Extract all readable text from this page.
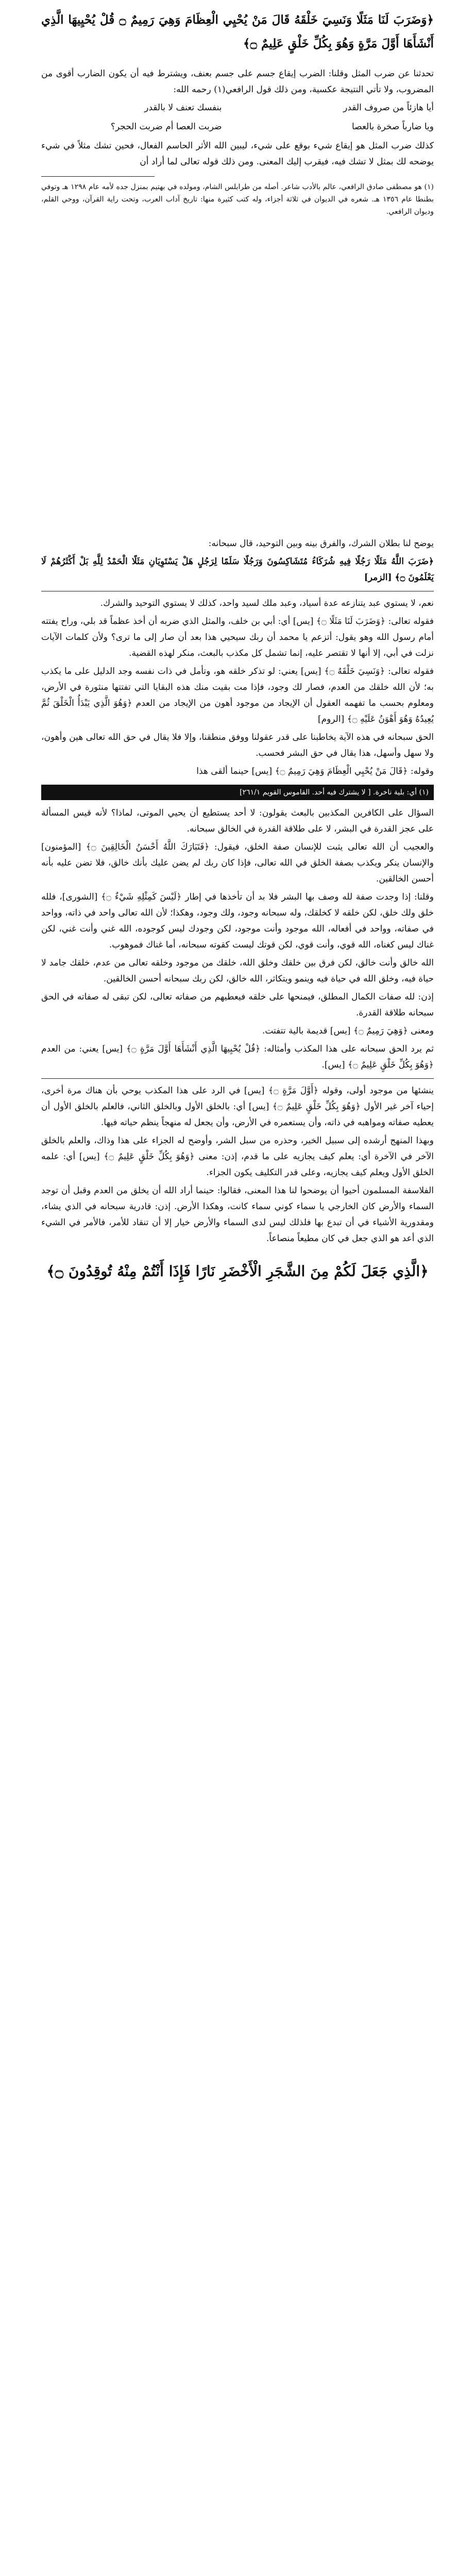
﴿وَضَرَبَ لَنَا مَثَلًا وَنَسِيَ خَلْقَهُ قَالَ مَنْ يُحْيِي الْعِظَامَ وَهِيَ رَمِيمٌ ۝ قُلْ يُحْيِيهَا الَّذِي أَنْشَأَهَا أَوَّلَ مَرَّةٍ وَهُوَ بِكُلِّ خَلْقٍ عَلِيمٌ ۝﴾

تحدثنا عن ضرب المثل وقلنا: الضرب إيقاع جسم على جسم بعنف، ويشترط فيه أن يكون الضارب أقوى من المضروب، ولا تأتي النتيجة عكسية، ومن ذلك قول الرافعي(١) رحمه الله:

أيا هازئاً من صروف القدر
بنفسك تعنف لا بالقدر
ويا ضارباً صخرة بالعصا
ضربت العصا أم ضربت الحجر؟

كذلك ضرب المثل هو إيقاع شيء بوقع على شيء، ليبين الله الأثر الحاسم الفعال، فحين تشك مثلاً في شيء يوضحه لك بمثل لا تشك فيه، فيقرب إليك المعنى. ومن ذلك قوله تعالى لما أراد أن

(١) هو مصطفى صادق الرافعي، عالم بالأدب شاعر. أصله من طرابلس الشام، ومولده في بهتيم بمنزل جده لأمه عام ١٢٩٨ هـ وتوفي بطنطا عام ١٣٥٦ هـ. شعره في الديوان في ثلاثة أجزاء، وله كتب كثيرة منها: تاريخ آداب العرب، وتحت راية القرآن، ووحي القلم، وديوان الرافعي.

يوضح لنا بطلان الشرك، والفرق بينه وبين التوحيد، قال سبحانه:

﴿ضَرَبَ اللَّهُ مَثَلًا رَجُلًا فِيهِ شُرَكَاءُ مُتَشَاكِسُونَ وَرَجُلًا سَلَمًا لِرَجُلٍ هَلْ يَسْتَوِيَانِ مَثَلًا الْحَمْدُ لِلَّهِ بَلْ أَكْثَرُهُمْ لَا يَعْلَمُونَ ۝﴾ [الزمر]

نعم، لا يستوي عبد يتنازعه عدة أسياد، وعبد ملك لسيد واحد، كذلك لا يستوي التوحيد والشرك.

فقوله تعالى: ﴿وَضَرَبَ لَنَا مَثَلًا ۝﴾ [يس] أي: أبي بن خلف، والمثل الذي ضربه أن أخذ عظماً قد بلي، وراح يفتته أمام رسول الله وهو يقول: أتزعم يا محمد أن ربك سيحيي هذا بعد أن صار إلى ما ترى؟ ولأن كلمات الآيات نزلت في أبي، إلا أنها لا تقتصر عليه، إنما تشمل كل مكذب بالبعث، منكر لهذه القضية.

فقوله تعالى: ﴿وَنَسِيَ خَلْقَهُ ۝﴾ [يس] يعني: لو تذكر خلقه هو، وتأمل في ذات نفسه وجد الدليل على ما يكذب به؛ لأن الله خلقك من العدم، فصار لك وجود، فإذا مت بقيت منك هذه البقايا التي تفتتها منثورة في الأرض، ومعلوم بحسب ما تفهمه العقول أن الإيجاد من موجود أهون من الإيجاد من العدم ﴿وَهُوَ الَّذِي يَبْدَأُ الْخَلْقَ ثُمَّ يُعِيدُهُ وَهُوَ أَهْوَنُ عَلَيْهِ ۝﴾ [الروم]

الحق سبحانه في هذه الآية يخاطبنا على قدر عقولنا ووفق منطقنا، وإلا فلا يقال في حق الله تعالى هين وأهون، ولا سهل وأسهل، هذا يقال في حق البشر فحسب.

وقوله: ﴿قَالَ مَنْ يُحْيِي الْعِظَامَ وَهِيَ رَمِيمٌ ۝﴾ [يس] حينما ألقى هذا

(١) أي: بلية ناخرة. [ لا يشترك فيه أحد. القاموس القويم ٢٦١/١]

السؤال على الكافرين المكذبين بالبعث يقولون: لا أحد يستطيع أن يحيي الموتى، لماذا؟ لأنه قيس المسألة على عجز القدرة في البشر، لا على طلاقة القدرة في الخالق سبحانه.

والعجيب أن الله تعالى يثبت للإنسان صفة الخلق، فيقول: ﴿فَتَبَارَكَ اللَّهُ أَحْسَنُ الْخَالِقِينَ ۝﴾ [المؤمنون] والإنسان ينكر ويكذب بصفة الخلق في الله تعالى، فإذا كان ربك لم يضن عليك بأنك خالق، فلا تضن عليه بأنه أحسن الخالقين.

وقلنا: إذا وجدت صفة لله وصف بها البشر فلا بد أن تأخذها في إطار ﴿لَيْسَ كَمِثْلِهِ شَيْءٌ ۝﴾ [الشورى]، فلله خلق ولك خلق، لكن خلقه لا كخلقك، وله سبحانه وجود، ولك وجود، وهكذا؛ لأن الله تعالى واحد في ذاته، وواحد في صفاته، وواحد في أفعاله، الله موجود وأنت موجود، لكن وجودك ليس كوجوده، الله غني وأنت غني، لكن غناك ليس كغناه، الله قوي، وأنت قوي، لكن قوتك ليست كقوته سبحانه، أما غناك فموهوب.

الله خالق وأنت خالق، لكن فرق بين خلقك وخلق الله، خلقك من موجود وخلقه تعالى من عدم، خلقك جامد لا حياة فيه، وخلق الله في حياة فيه وينمو ويتكاثر، الله خالق، لكن ربك سبحانه أحسن الخالقين.

إذن: لله صفات الكمال المطلق، فيمنحها على خلقه فيعطيهم من صفاته تعالى، لكن تبقى له صفاته في الحق سبحانه طلاقة القدرة.

ومعنى ﴿وَهِيَ رَمِيمٌ ۝﴾ [يس] قديمة بالية تتفتت.

ثم يرد الحق سبحانه على هذا المكذب وأمثاله: ﴿قُلْ يُحْيِيهَا الَّذِي أَنْشَأَهَا أَوَّلَ مَرَّةٍ ۝﴾ [يس] يعني: من العدم ﴿وَهُوَ بِكُلِّ خَلْقٍ عَلِيمٌ ۝﴾ [يس].

ينشئها من موجود أولى، وقوله ﴿أَوَّلَ مَرَّةٍ ۝﴾ [يس] في الرد على هذا المكذب يوحي بأن هناك مرة أخرى، إحياء آخر غير الأول ﴿وَهُوَ بِكُلِّ خَلْقٍ عَلِيمٌ ۝﴾ [يس] أي: بالخلق الأول وبالخلق الثاني، فالعلم بالخلق الأول أن يعطيه صفاته ومواهبه في ذاته، وأن يستعمره في الأرض، وأن يجعل له منهجاً ينظم حياته فيها.

وبهذا المنهج أرشده إلى سبيل الخير، وحذره من سبل الشر، وأوضح له الجزاء على هذا وذاك، والعلم بالخلق الآخر في الآخرة أي: يعلم كيف يجازيه على ما قدم، إذن: معنى ﴿وَهُوَ بِكُلِّ خَلْقٍ عَلِيمٌ ۝﴾ [يس] أي: علمه الخلق الأول ويعلم كيف يجازيه، وعلى قدر التكليف يكون الجزاء.

الفلاسفة المسلمون أحيوا أن يوضحوا لنا هذا المعنى، فقالوا: حينما أراد الله أن يخلق من العدم وقبل أن توجد السماء والأرض كان الخارجي يا سماء كوني سماء كانت، وهكذا الأرض. إذن: قادرية سبحانه في الذي يشاء، ومقدورية الأشياء في أن تبدع بها فلذلك ليس لدى السماء والأرض خيار إلا أن تنقاد للأمر، فالأمر في الشيء الذي أعد هو الذي جعل في كان مطيعاً منصاعاً.

﴿الَّذِي جَعَلَ لَكُمْ مِنَ الشَّجَرِ الْأَخْضَرِ نَارًا فَإِذَا أَنْتُمْ مِنْهُ تُوقِدُونَ ۝﴾
